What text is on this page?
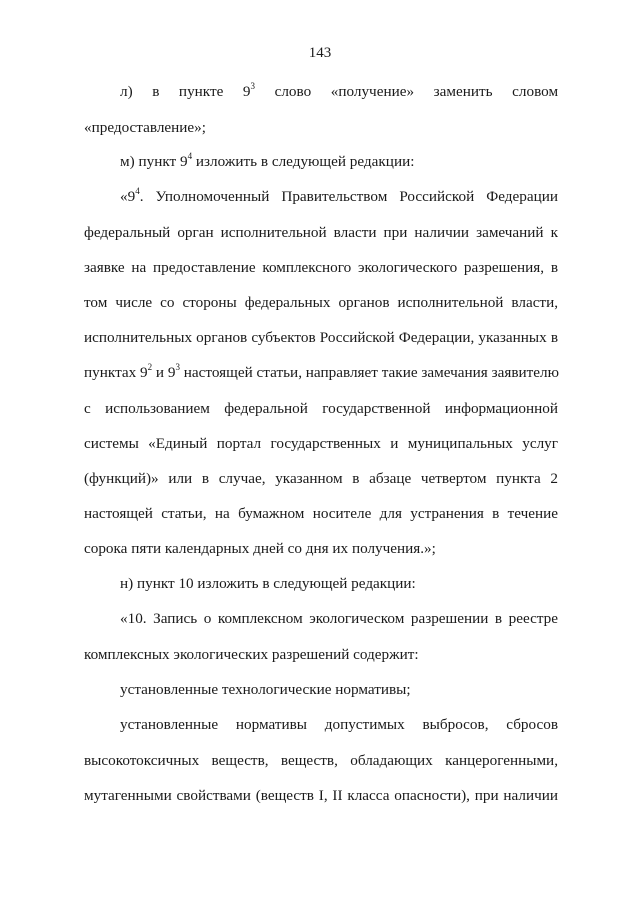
143
л) в пункте $9^3$ слово «получение» заменить словом
«предоставление»;
м) пункт $9^4$ изложить в следующей редакции:
«$9^4$. Уполномоченный Правительством Российской Федерации
федеральный орган исполнительной власти при наличии замечаний к
заявке на предоставление комплексного экологического разрешения, в
том числе со стороны федеральных органов исполнительной власти,
исполнительных органов субъектов Российской Федерации, указанных в
пунктах $9^2$ и $9^3$ настоящей статьи, направляет такие замечания заявителю
с использованием федеральной государственной информационной
системы «Единый портал государственных и муниципальных услуг
(функций)» или в случае, указанном в абзаце четвертом пункта 2
настоящей статьи, на бумажном носителе для устранения в течение
сорока пяти календарных дней со дня их получения.»;
н) пункт 10 изложить в следующей редакции:
«10. Запись о комплексном экологическом разрешении в реестре
комплексных экологических разрешений содержит:
установленные технологические нормативы;
установленные нормативы допустимых выбросов, сбросов
высокотоксичных веществ, веществ, обладающих канцерогенными,
мутагенными свойствами (веществ I, II класса опасности), при наличии
